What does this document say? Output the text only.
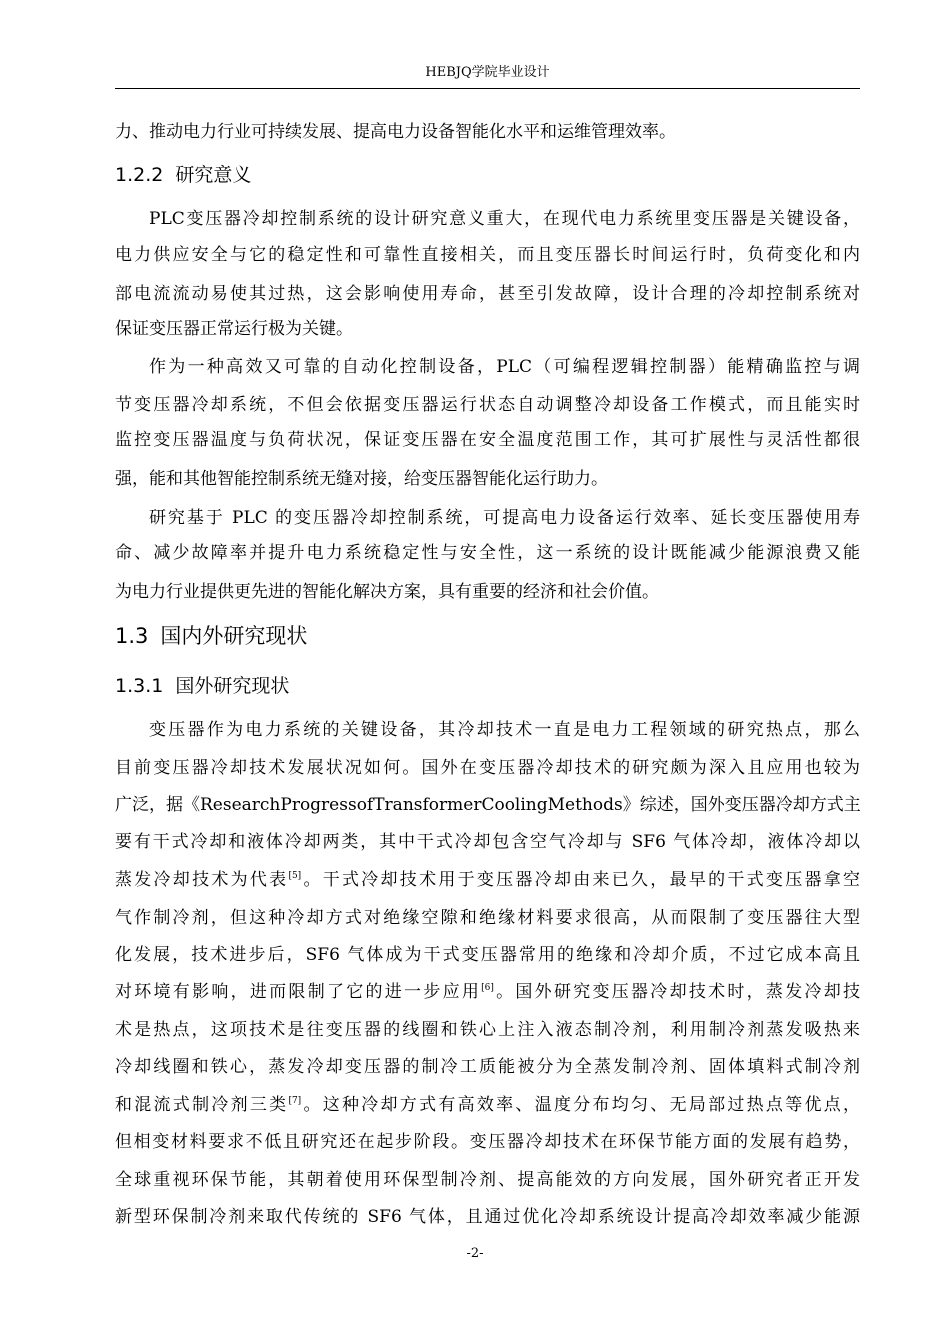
HEBJQ学院毕业设计
力、推动电力行业可持续发展、提高电力设备智能化水平和运维管理效率。
1.2.2 研究意义
PLC变压器冷却控制系统的设计研究意义重大，在现代电力系统里变压器是关键设备，
电力供应安全与它的稳定性和可靠性直接相关，而且变压器长时间运行时，负荷变化和内
部电流流动易使其过热，这会影响使用寿命，甚至引发故障，设计合理的冷却控制系统对
保证变压器正常运行极为关键。
作为一种高效又可靠的自动化控制设备，PLC（可编程逻辑控制器）能精确监控与调
节变压器冷却系统，不但会依据变压器运行状态自动调整冷却设备工作模式，而且能实时
监控变压器温度与负荷状况，保证变压器在安全温度范围工作，其可扩展性与灵活性都很
强，能和其他智能控制系统无缝对接，给变压器智能化运行助力。
研究基于 PLC 的变压器冷却控制系统，可提高电力设备运行效率、延长变压器使用寿
命、减少故障率并提升电力系统稳定性与安全性，这一系统的设计既能减少能源浪费又能
为电力行业提供更先进的智能化解决方案，具有重要的经济和社会价值。
1.3 国内外研究现状
1.3.1 国外研究现状
变压器作为电力系统的关键设备，其冷却技术一直是电力工程领域的研究热点，那么
目前变压器冷却技术发展状况如何。国外在变压器冷却技术的研究颇为深入且应用也较为
广泛，据《ResearchProgressofTransformerCoolingMethods》综述，国外变压器冷却方式主
要有干式冷却和液体冷却两类，其中干式冷却包含空气冷却与 SF6 气体冷却，液体冷却以
蒸发冷却技术为代表[5]。干式冷却技术用于变压器冷却由来已久，最早的干式变压器拿空
气作制冷剂，但这种冷却方式对绝缘空隙和绝缘材料要求很高，从而限制了变压器往大型
化发展，技术进步后，SF6 气体成为干式变压器常用的绝缘和冷却介质，不过它成本高且
对环境有影响，进而限制了它的进一步应用[6]。国外研究变压器冷却技术时，蒸发冷却技
术是热点，这项技术是往变压器的线圈和铁心上注入液态制冷剂，利用制冷剂蒸发吸热来
冷却线圈和铁心，蒸发冷却变压器的制冷工质能被分为全蒸发制冷剂、固体填料式制冷剂
和混流式制冷剂三类[7]。这种冷却方式有高效率、温度分布均匀、无局部过热点等优点，
但相变材料要求不低且研究还在起步阶段。变压器冷却技术在环保节能方面的发展有趋势，
全球重视环保节能，其朝着使用环保型制冷剂、提高能效的方向发展，国外研究者正开发
新型环保制冷剂来取代传统的 SF6 气体，且通过优化冷却系统设计提高冷却效率减少能源
-2-
